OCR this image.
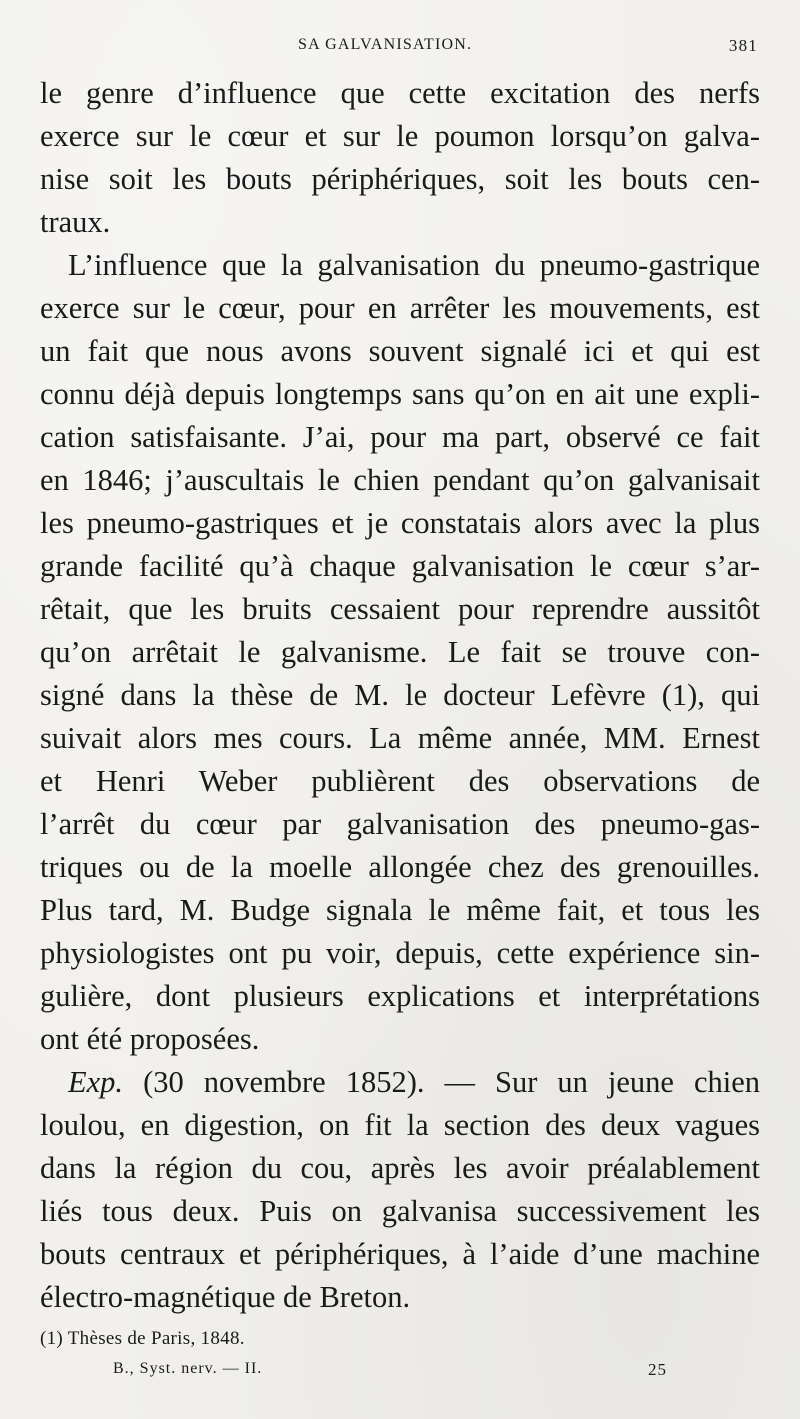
SA GALVANISATION.	381
le genre d’influence que cette excitation des nerfs
exerce sur le cœur et sur le poumon lorsqu’on galva-
nise soit les bouts périphériques, soit les bouts cen-
traux.
L’influence que la galvanisation du pneumo-gastrique
exerce sur le cœur, pour en arrêter les mouvements, est
un fait que nous avons souvent signalé ici et qui est
connu déjà depuis longtemps sans qu’on en ait une expli-
cation satisfaisante. J’ai, pour ma part, observé ce fait
en 1846; j’auscultais le chien pendant qu’on galvanisait
les pneumo-gastriques et je constatais alors avec la plus
grande facilité qu’à chaque galvanisation le cœur s’ar-
rêtait, que les bruits cessaient pour reprendre aussitôt
qu’on arrêtait le galvanisme. Le fait se trouve con-
signé dans la thèse de M. le docteur Lefèvre (1), qui
suivait alors mes cours. La même année, MM. Ernest
et Henri Weber publièrent des observations de
l’arrêt du cœur par galvanisation des pneumo-gas-
triques ou de la moelle allongée chez des grenouilles.
Plus tard, M. Budge signala le même fait, et tous les
physiologistes ont pu voir, depuis, cette expérience sin-
gulière, dont plusieurs explications et interprétations
ont été proposées.
Exp. (30 novembre 1852). — Sur un jeune chien
loulou, en digestion, on fit la section des deux vagues
dans la région du cou, après les avoir préalablement
liés tous deux. Puis on galvanisa successivement les
bouts centraux et périphériques, à l’aide d’une machine
électro-magnétique de Breton.
(1) Thèses de Paris, 1848.
B., Syst. nerv. — II.	25
